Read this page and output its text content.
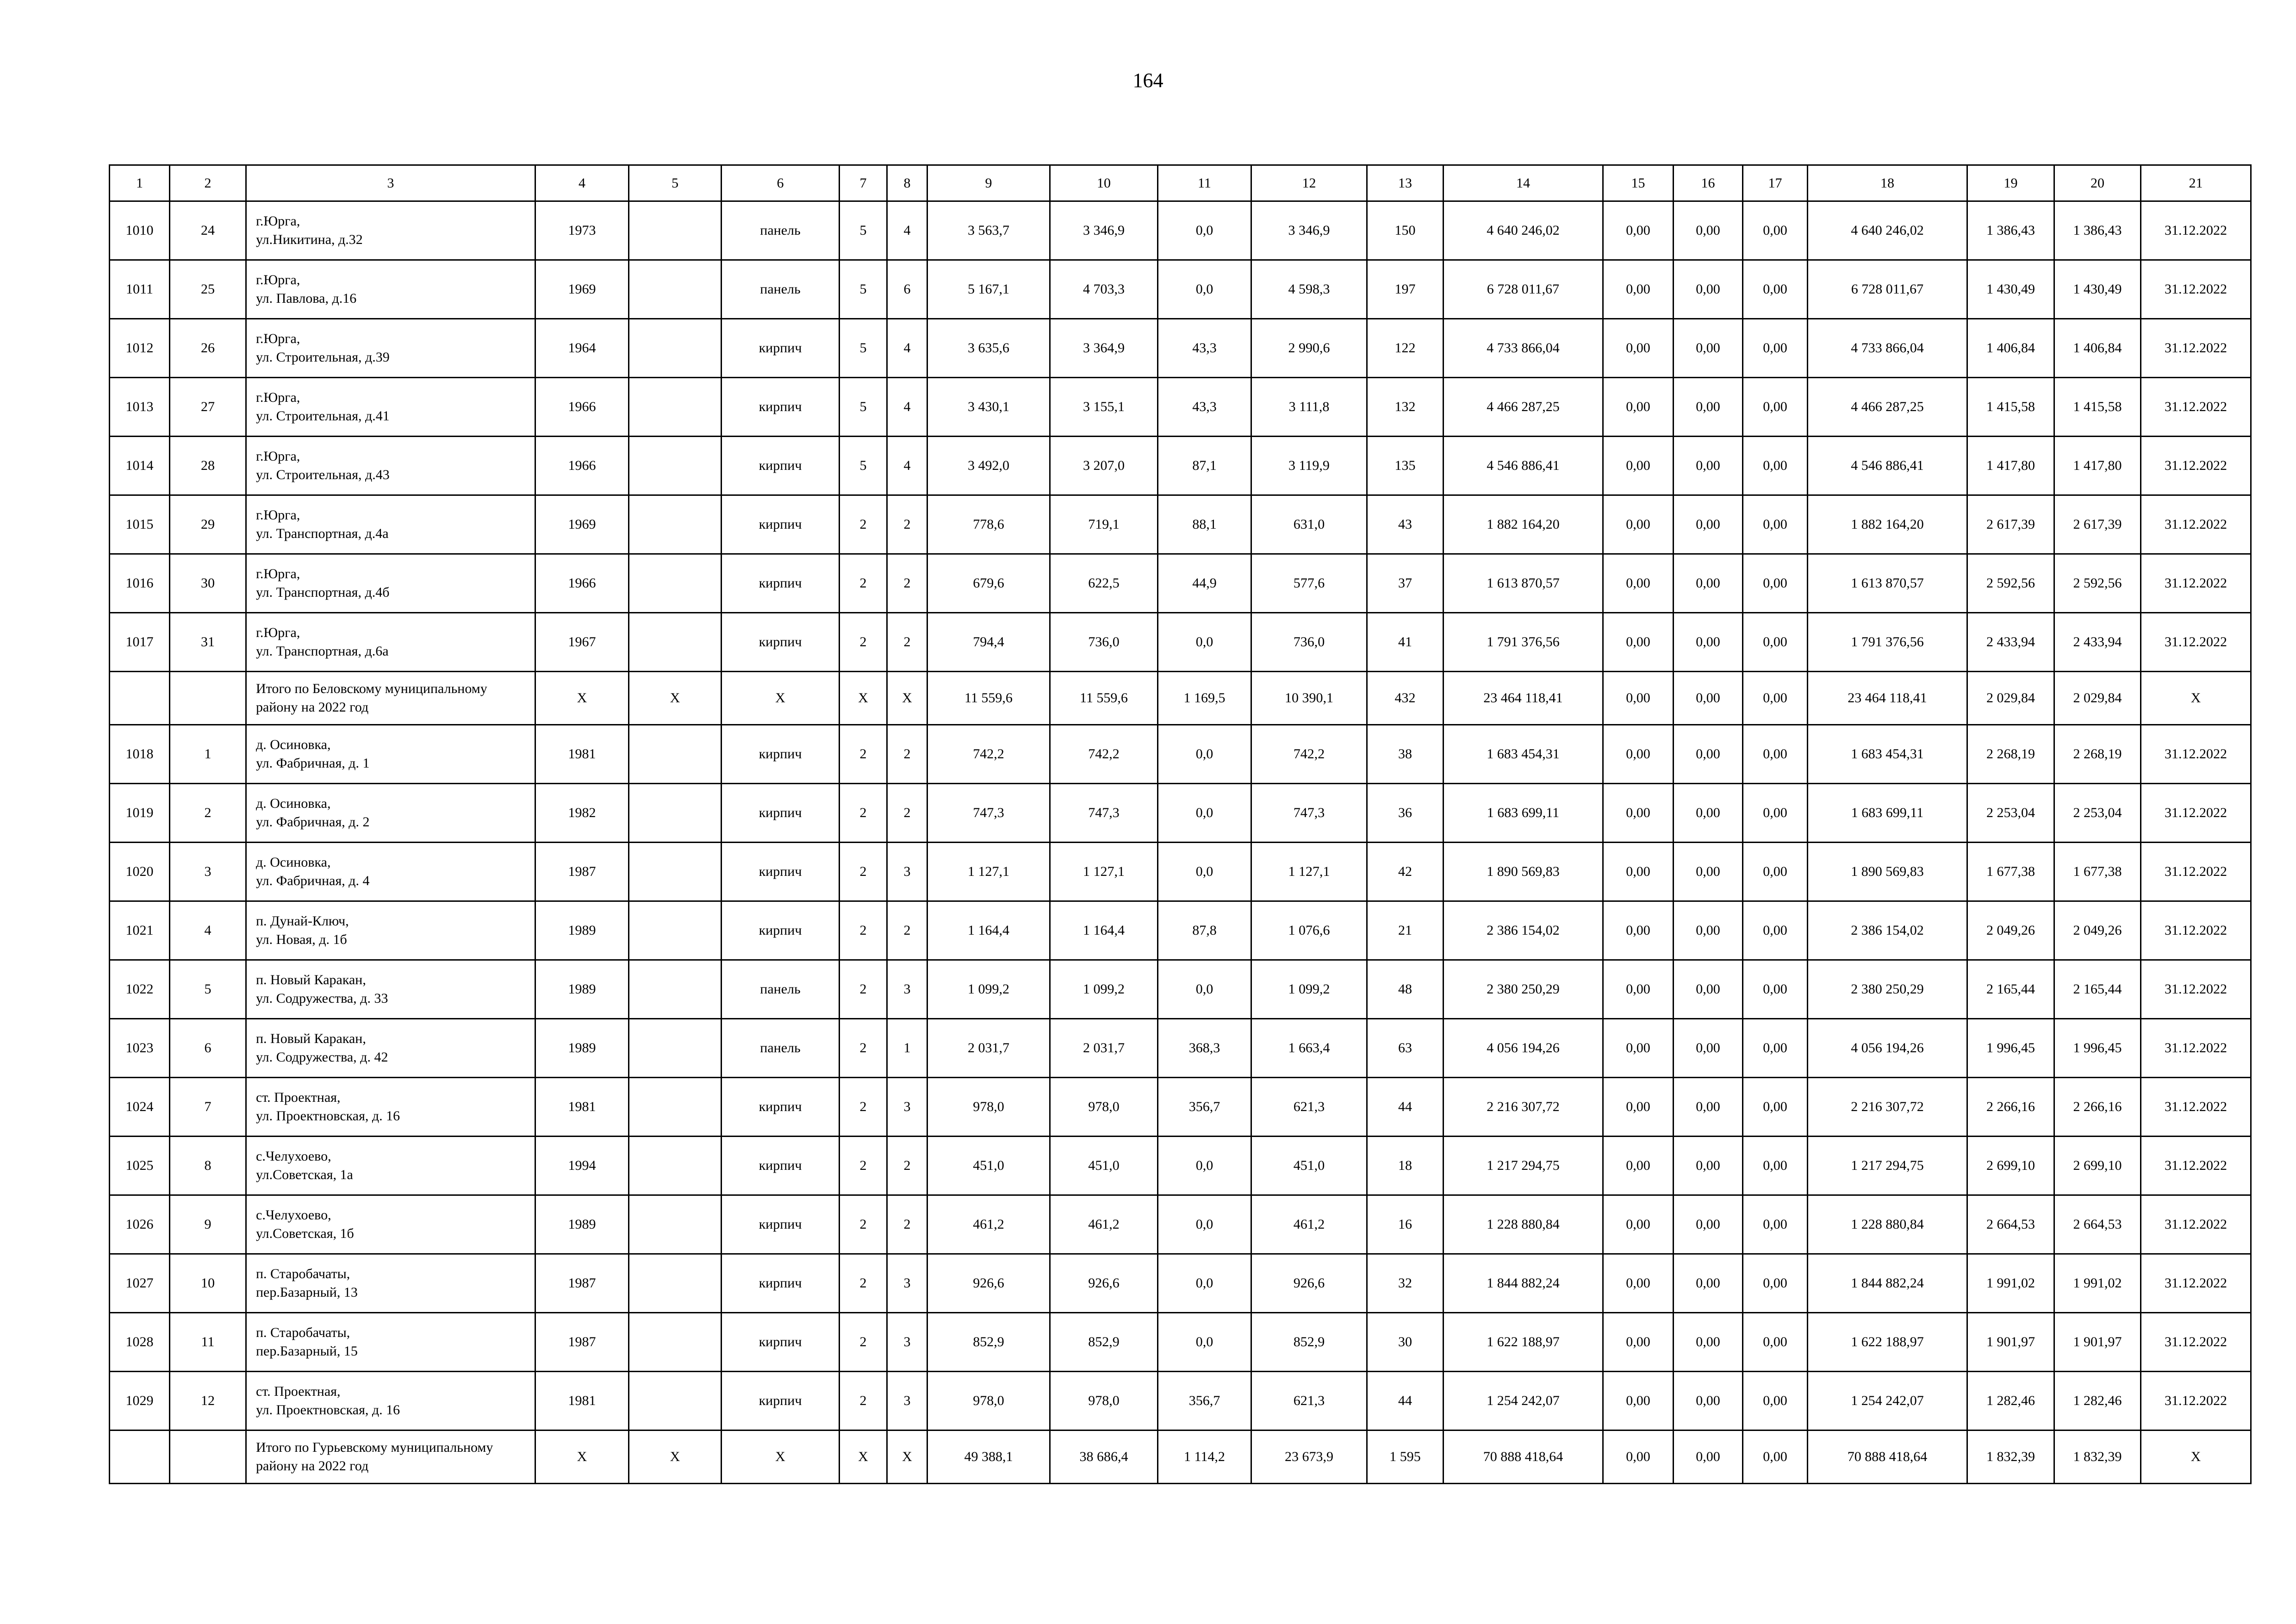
164
1	2	3	4	5	6	7	8	9	10	11	12	13	14	15	16	17	18	19	20	21
1010	24	г.Юрга,
ул.Никитина, д.32	1973		панель	5	4	3 563,7	3 346,9	0,0	3 346,9	150	4 640 246,02	0,00	0,00	0,00	4 640 246,02	1 386,43	1 386,43	31.12.2022
1011	25	г.Юрга,
ул. Павлова, д.16	1969		панель	5	6	5 167,1	4 703,3	0,0	4 598,3	197	6 728 011,67	0,00	0,00	0,00	6 728 011,67	1 430,49	1 430,49	31.12.2022
1012	26	г.Юрга,
ул. Строительная, д.39	1964		кирпич	5	4	3 635,6	3 364,9	43,3	2 990,6	122	4 733 866,04	0,00	0,00	0,00	4 733 866,04	1 406,84	1 406,84	31.12.2022
1013	27	г.Юрга,
ул. Строительная, д.41	1966		кирпич	5	4	3 430,1	3 155,1	43,3	3 111,8	132	4 466 287,25	0,00	0,00	0,00	4 466 287,25	1 415,58	1 415,58	31.12.2022
1014	28	г.Юрга,
ул. Строительная, д.43	1966		кирпич	5	4	3 492,0	3 207,0	87,1	3 119,9	135	4 546 886,41	0,00	0,00	0,00	4 546 886,41	1 417,80	1 417,80	31.12.2022
1015	29	г.Юрга,
ул. Транспортная, д.4а	1969		кирпич	2	2	778,6	719,1	88,1	631,0	43	1 882 164,20	0,00	0,00	0,00	1 882 164,20	2 617,39	2 617,39	31.12.2022
1016	30	г.Юрга,
ул. Транспортная, д.4б	1966		кирпич	2	2	679,6	622,5	44,9	577,6	37	1 613 870,57	0,00	0,00	0,00	1 613 870,57	2 592,56	2 592,56	31.12.2022
1017	31	г.Юрга,
ул. Транспортная, д.6а	1967		кирпич	2	2	794,4	736,0	0,0	736,0	41	1 791 376,56	0,00	0,00	0,00	1 791 376,56	2 433,94	2 433,94	31.12.2022

		Итого по Беловскому муниципальному
району на 2022 год	X	X	X	X	X	11 559,6	11 559,6	1 169,5	10 390,1	432	23 464 118,41	0,00	0,00	0,00	23 464 118,41	2 029,84	2 029,84	X
1018	1	д. Осиновка,
ул. Фабричная, д. 1	1981		кирпич	2	2	742,2	742,2	0,0	742,2	38	1 683 454,31	0,00	0,00	0,00	1 683 454,31	2 268,19	2 268,19	31.12.2022
1019	2	д. Осиновка,
ул. Фабричная, д. 2	1982		кирпич	2	2	747,3	747,3	0,0	747,3	36	1 683 699,11	0,00	0,00	0,00	1 683 699,11	2 253,04	2 253,04	31.12.2022
1020	3	д. Осиновка,
ул. Фабричная, д. 4	1987		кирпич	2	3	1 127,1	1 127,1	0,0	1 127,1	42	1 890 569,83	0,00	0,00	0,00	1 890 569,83	1 677,38	1 677,38	31.12.2022
1021	4	п. Дунай-Ключ,
ул. Новая, д. 1б	1989		кирпич	2	2	1 164,4	1 164,4	87,8	1 076,6	21	2 386 154,02	0,00	0,00	0,00	2 386 154,02	2 049,26	2 049,26	31.12.2022
1022	5	п. Новый Каракан,
ул. Содружества, д. 33	1989		панель	2	3	1 099,2	1 099,2	0,0	1 099,2	48	2 380 250,29	0,00	0,00	0,00	2 380 250,29	2 165,44	2 165,44	31.12.2022
1023	6	п. Новый Каракан,
ул. Содружества, д. 42	1989		панель	2	1	2 031,7	2 031,7	368,3	1 663,4	63	4 056 194,26	0,00	0,00	0,00	4 056 194,26	1 996,45	1 996,45	31.12.2022
1024	7	ст. Проектная,
ул. Проектновская, д. 16	1981		кирпич	2	3	978,0	978,0	356,7	621,3	44	2 216 307,72	0,00	0,00	0,00	2 216 307,72	2 266,16	2 266,16	31.12.2022
1025	8	с.Челухоево,
ул.Советская, 1а	1994		кирпич	2	2	451,0	451,0	0,0	451,0	18	1 217 294,75	0,00	0,00	0,00	1 217 294,75	2 699,10	2 699,10	31.12.2022
1026	9	с.Челухоево,
ул.Советская, 1б	1989		кирпич	2	2	461,2	461,2	0,0	461,2	16	1 228 880,84	0,00	0,00	0,00	1 228 880,84	2 664,53	2 664,53	31.12.2022
1027	10	п. Старобачаты,
пер.Базарный, 13	1987		кирпич	2	3	926,6	926,6	0,0	926,6	32	1 844 882,24	0,00	0,00	0,00	1 844 882,24	1 991,02	1 991,02	31.12.2022
1028	11	п. Старобачаты,
пер.Базарный, 15	1987		кирпич	2	3	852,9	852,9	0,0	852,9	30	1 622 188,97	0,00	0,00	0,00	1 622 188,97	1 901,97	1 901,97	31.12.2022
1029	12	ст. Проектная,
ул. Проектновская, д. 16	1981		кирпич	2	3	978,0	978,0	356,7	621,3	44	1 254 242,07	0,00	0,00	0,00	1 254 242,07	1 282,46	1 282,46	31.12.2022

		Итого по Гурьевскому муниципальному
району на 2022 год	X	X	X	X	X	49 388,1	38 686,4	1 114,2	23 673,9	1 595	70 888 418,64	0,00	0,00	0,00	70 888 418,64	1 832,39	1 832,39	X
